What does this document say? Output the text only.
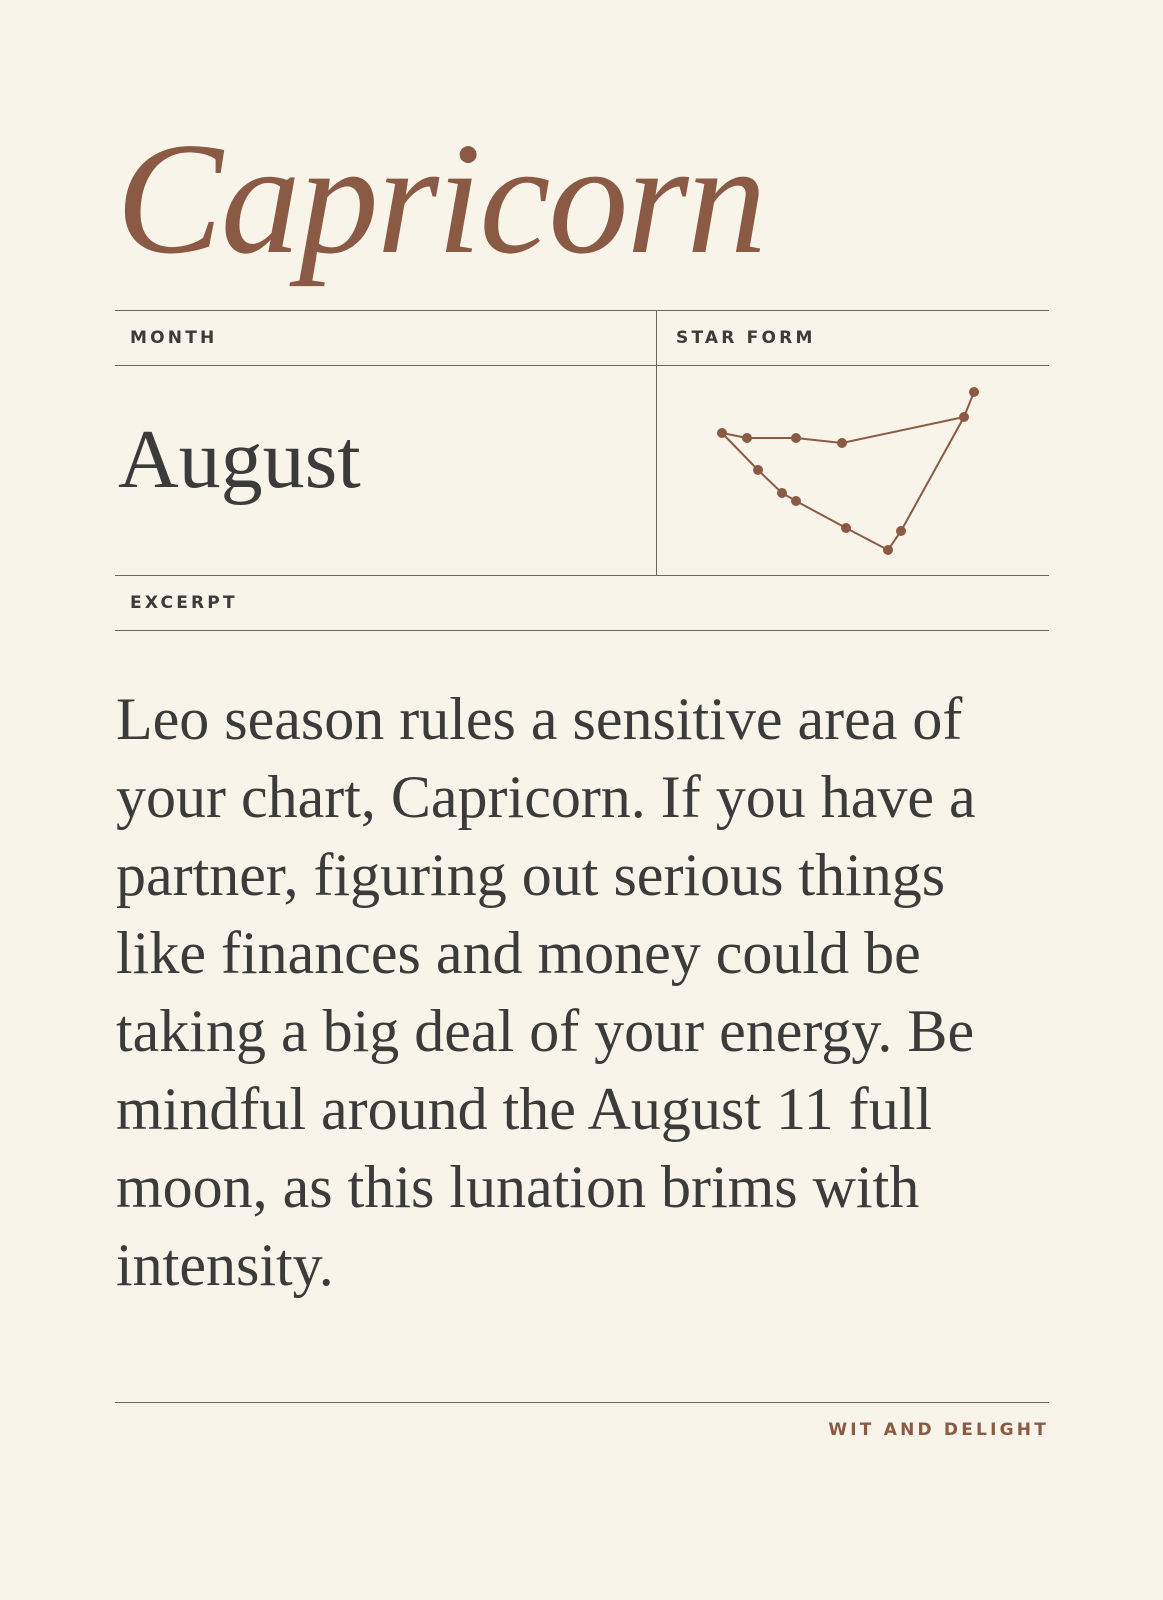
Capricorn
MONTH	STAR FORM
August
EXCERPT

Leo season rules a sensitive area of your chart, Capricorn. If you have a partner, figuring out serious things like finances and money could be taking a big deal of your energy. Be mindful around the August 11 full moon, as this lunation brims with intensity.

WIT AND DELIGHT
